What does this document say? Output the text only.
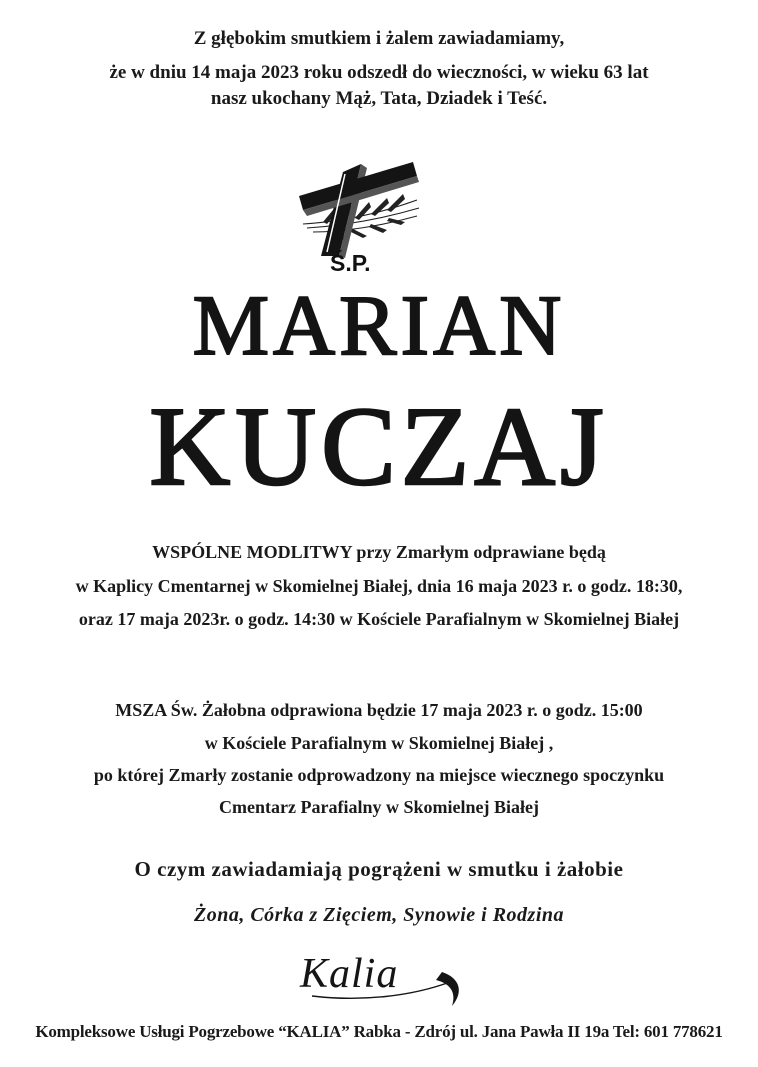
Z głębokim smutkiem i żalem zawiadamiamy,
że w dniu 14 maja 2023 roku odszedł do wieczności, w wieku 63 lat
nasz ukochany Mąż, Tata, Dziadek i Teść.
Ś.P.
MARIAN
KUCZAJ
WSPÓLNE MODLITWY przy Zmarłym odprawiane będą
w Kaplicy Cmentarnej w Skomielnej Białej, dnia 16 maja 2023 r. o godz. 18:30,
oraz 17 maja 2023r. o godz. 14:30 w Kościele Parafialnym w Skomielnej Białej
MSZA Św. Żałobna odprawiona będzie 17 maja 2023 r. o godz. 15:00
w Kościele Parafialnym w Skomielnej Białej ,
po której Zmarły zostanie odprowadzony na miejsce wiecznego spoczynku
Cmentarz Parafialny w Skomielnej Białej
O czym zawiadamiają pogrążeni w smutku i żałobie
Żona, Córka z Zięciem, Synowie i Rodzina
Kalia
Kompleksowe Usługi Pogrzebowe “KALIA” Rabka - Zdrój ul. Jana Pawła II 19a Tel: 601 778621
